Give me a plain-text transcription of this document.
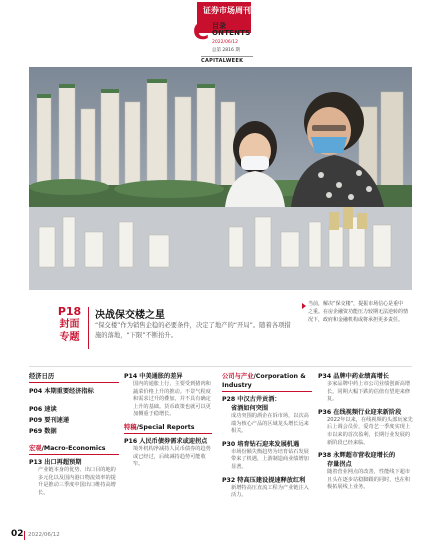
证券市场周刊
C 目录
ONTENTS
2022/06/12
总第 2816 期
CAPITALWEEK
P18
封面
专题
决战保交楼之星
“保交楼”作为销售企稳的必要条件，决定了地产的“开局”。随着各项措施的落地，“下限”不断抬升。
当前，解决“保交楼”，提振市场信心是重中之重。在房企融资功能压力较期无法逆转的情况下，政府和金融机构或将承担更多责任。
经济日历
P04 本期重要经济指标
P06 速读
P09 要刊速递
P69 数据
宏观/Macro-Economics
P13 出口再超预期
产业链本身的优势、出口目的地的多元化以及国内港口物流效率的提升是推动三季度中国出口维持高增长。
P14 中美通胀的差异
国内的通胀上行，主要受到猪肉和蔬菜价格上升的推动。不景气程度和需求过升的叠加，并不具有确定上升的基础。货币政策也就可以更加侧重于稳增长。
特稿/Special Reports
P16 人民币债券需求或迎拐点
境外机构净减持人民币债券的趋势或已经过，后续减持趋势可能收窄。
公司与产业/Corporation & Industry
P28 中汉古井贡酒：
省酒如何突围
成功突围的酒企在诉市场，以次高端为核心产品的区域龙头增长远来相关。
P30 培育钻石迎来发展机遇
市场份额失衡趋势为培育钻石发展带来了机遇，上游制造商业绩增加显著。
P32 特高压建设提速释放红利
新增特高压直流工程为产业链注入活力。
P34 品牌中药业绩高增长
多家品牌中药上市公司业绩创新高增长。同期大幅下跌的估值有望迎来修复。
P36 在线视频行业迎来新阶段
2022年以来，在线视频的头部玩家先后上调会员价，爱奇艺一季度实现上市以来的首次盈利，长期行业发展的新阶段已经来临。
P38 永辉超市营收迎增长的
存量拐点
随着营业网点的改善，性能线下超市且头在逐步站稳脚跟的同时，也在积极拓展线上业务。
02 2022/06/12
